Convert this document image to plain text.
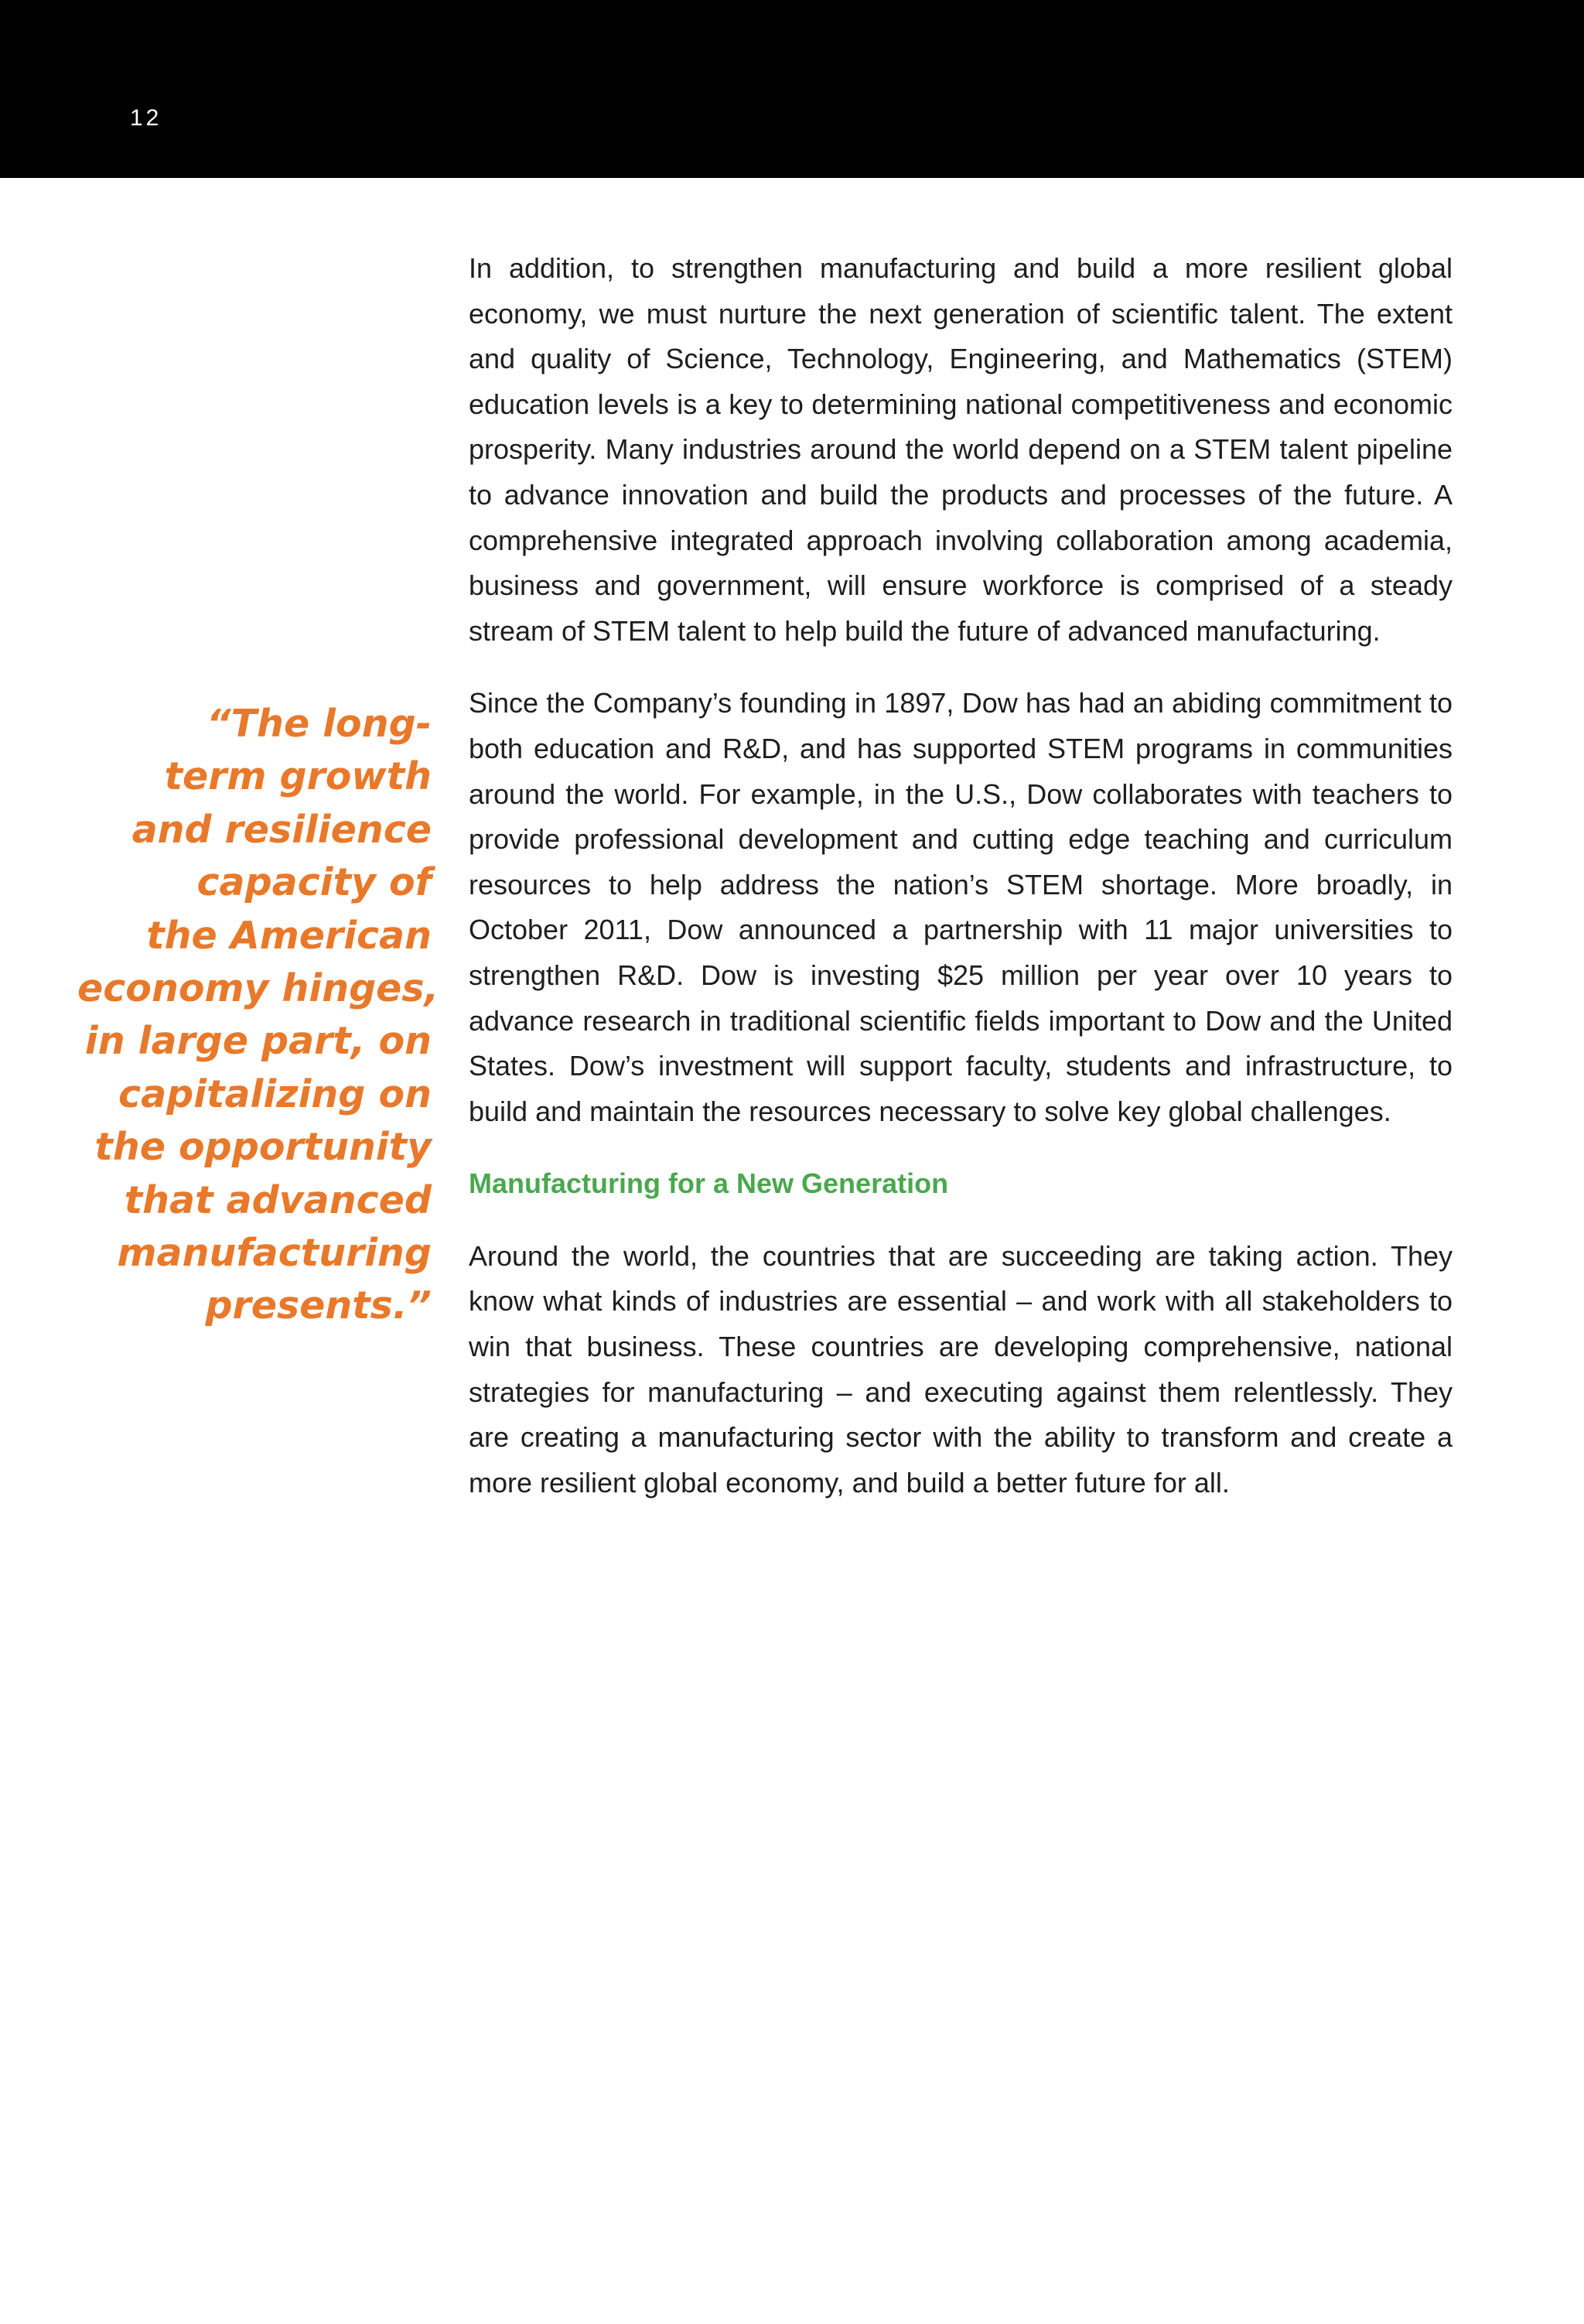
12
“The long-
term growth
and resilience
capacity of
the American
economy hinges,
in large part, on
capitalizing on
the opportunity
that advanced
manufacturing
presents.”

In addition, to strengthen manufacturing and build a more resilient global economy, we must nurture the next generation of scientific talent. The extent and quality of Science, Technology, Engineering, and Mathematics (STEM) education levels is a key to determining national competitiveness and economic prosperity. Many industries around the world depend on a STEM talent pipeline to advance innovation and build the products and processes of the future. A comprehensive integrated approach involving collaboration among academia, business and government, will ensure workforce is comprised of a steady stream of STEM talent to help build the future of advanced manufacturing.

Since the Company’s founding in 1897, Dow has had an abiding commitment to both education and R&D, and has supported STEM programs in communities around the world. For example, in the U.S., Dow collaborates with teachers to provide professional development and cutting edge teaching and curriculum resources to help address the nation’s STEM shortage. More broadly, in October 2011, Dow announced a partnership with 11 major universities to strengthen R&D. Dow is investing $25 million per year over 10 years to advance research in traditional scientific fields important to Dow and the United States. Dow’s investment will support faculty, students and infrastructure, to build and maintain the resources necessary to solve key global challenges.

Manufacturing for a New Generation

Around the world, the countries that are succeeding are taking action. They know what kinds of industries are essential – and work with all stakeholders to win that business. These countries are developing comprehensive, national strategies for manufacturing – and executing against them relentlessly. They are creating a manufacturing sector with the ability to transform and create a more resilient global economy, and build a better future for all.
